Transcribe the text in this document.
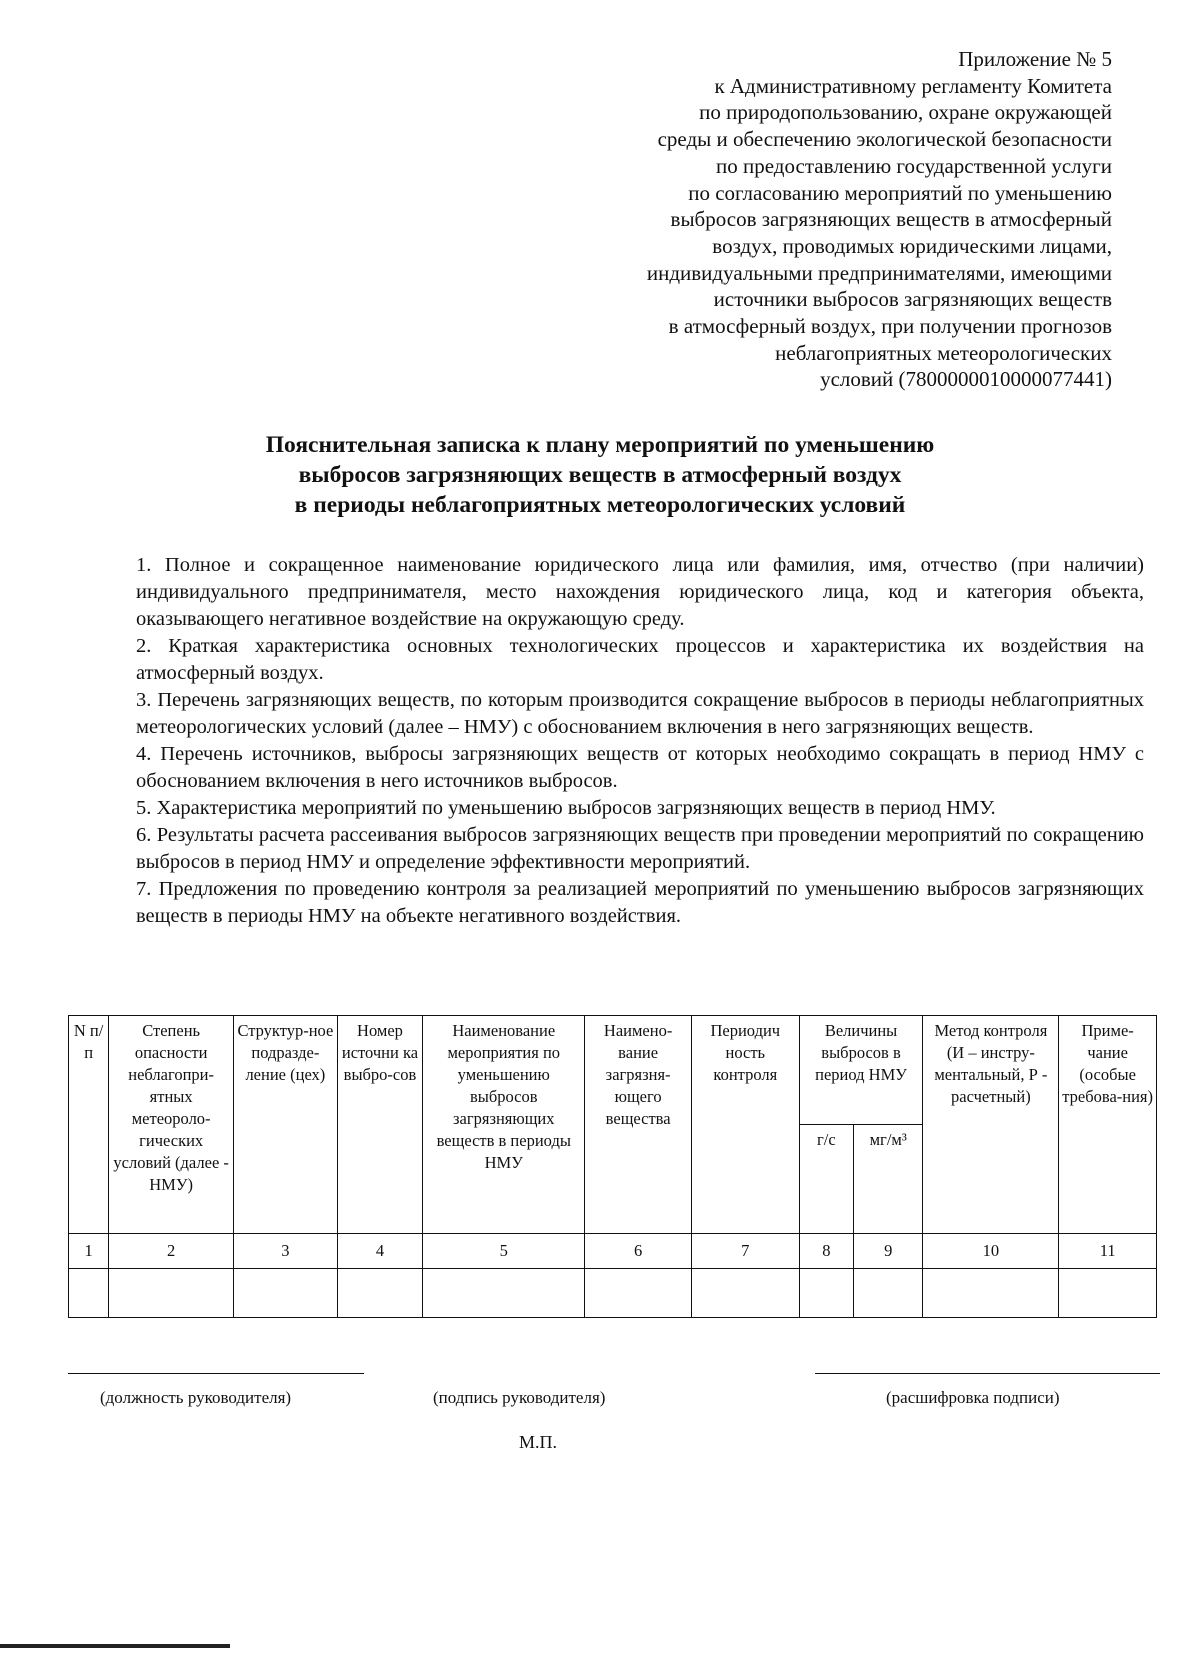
Приложение № 5
к Административному регламенту Комитета
по природопользованию, охране окружающей
среды и обеспечению экологической безопасности
по предоставлению государственной услуги
по согласованию мероприятий по уменьшению
выбросов загрязняющих веществ в атмосферный
воздух, проводимых юридическими лицами,
индивидуальными предпринимателями, имеющими
источники выбросов загрязняющих веществ
в атмосферный воздух, при получении прогнозов
неблагоприятных метеорологических
условий (7800000010000077441)
Пояснительная записка к плану мероприятий по уменьшению
выбросов загрязняющих веществ в атмосферный воздух
в периоды неблагоприятных метеорологических условий

1. Полное и сокращенное наименование юридического лица или фамилия, имя, отчество (при наличии) индивидуального предпринимателя, место нахождения юридического лица, код и категория объекта, оказывающего негативное воздействие на окружающую среду.

2. Краткая характеристика основных технологических процессов и характеристика их воздействия на атмосферный воздух.

3. Перечень загрязняющих веществ, по которым производится сокращение выбросов в периоды неблагоприятных метеорологических условий (далее – НМУ) с обоснованием включения в него загрязняющих веществ.

4. Перечень источников, выбросы загрязняющих веществ от которых необходимо сокращать в период НМУ с обоснованием включения в него источников выбросов.

5. Характеристика мероприятий по уменьшению выбросов загрязняющих веществ в период НМУ.

6. Результаты расчета рассеивания выбросов загрязняющих веществ при проведении мероприятий по сокращению выбросов в период НМУ и определение эффективности мероприятий.

7. Предложения по проведению контроля за реализацией мероприятий по уменьшению выбросов загрязняющих веществ в периоды НМУ на объекте негативного воздействия.

N п/п	Степень опасности неблагопри-ятных метеороло-гических условий (далее - НМУ)	Структур-ное подразде-ление (цех)	Номер источни ка выбро-сов	Наименование мероприятия по уменьшению выбросов загрязняющих веществ в периоды НМУ	Наимено-вание загрязня-ющего вещества	Периодич ность контроля	Величины выбросов в период НМУ		Метод контроля (И – инстру-ментальный, Р - расчетный)	Приме-чание (особые требова-ния)
							г/с	мг/м³		
1	2	3	4	5	6	7	8	9	10	11

(должность руководителя)	(подпись руководителя)	(расшифровка подписи)
М.П.
